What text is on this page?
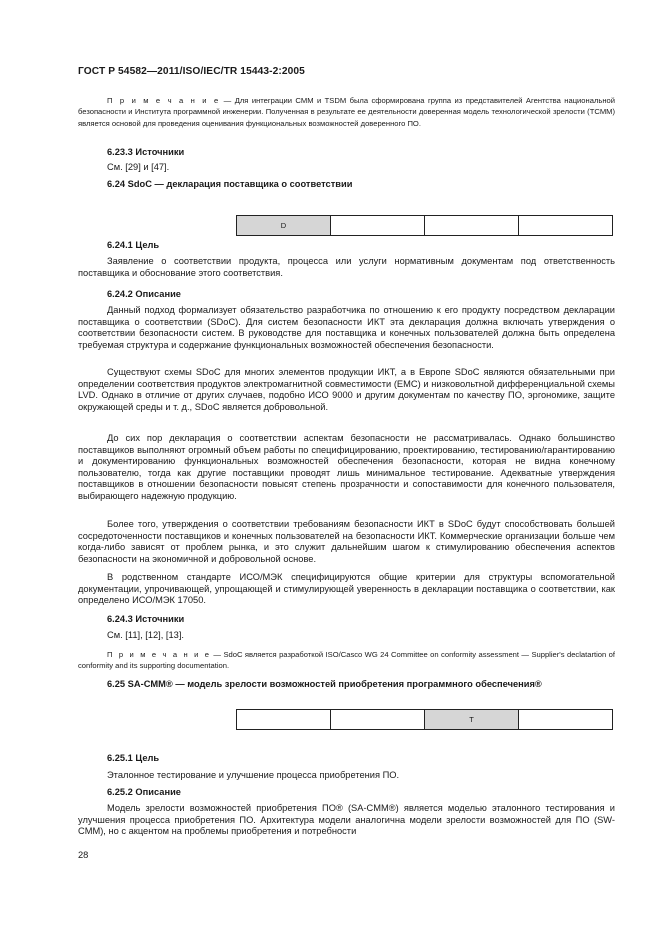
ГОСТ Р 54582—2011/ISO/IEC/TR 15443-2:2005
П р и м е ч а н и е — Для интеграции CMM и TSDM была сформирована группа из представителей Агентства национальной безопасности и Института программной инженерии. Полученная в результате ее деятельности доверенная модель технологической зрелости (TCMM) является основой для проведения оценивания функциональных возможностей доверенного ПО.
6.23.3 Источники
См. [29] и [47].
6.24 SdoC — декларация поставщика о соответствии
D			
6.24.1 Цель
Заявление о соответствии продукта, процесса или услуги нормативным документам под ответственность поставщика и обоснование этого соответствия.
6.24.2 Описание
Данный подход формализует обязательство разработчика по отношению к его продукту посредством декларации поставщика о соответствии (SDoC). Для систем безопасности ИКТ эта декларация должна включать утверждения о соответствии безопасности систем. В руководстве для поставщика и конечных пользователей должна быть определена требуемая структура и содержание функциональных возможностей обеспечения безопасности.
Существуют схемы SDoC для многих элементов продукции ИКТ, а в Европе SDoC являются обязательными при определении соответствия продуктов электромагнитной совместимости (EMC) и низковольтной дифференциальной схемы LVD. Однако в отличие от других случаев, подобно ИСО 9000 и другим документам по качеству ПО, эргономике, защите окружающей среды и т. д., SDoC является добровольной.
До сих пор декларация о соответствии аспектам безопасности не рассматривалась. Однако большинство поставщиков выполняют огромный объем работы по специфицированию, проектированию, тестированию/гарантированию и документированию функциональных возможностей обеспечения безопасности, которая не видна конечному пользователю, тогда как другие поставщики проводят лишь минимальное тестирование. Адекватные утверждения поставщиков в отношении безопасности повысят степень прозрачности и сопоставимости для конечного пользователя, выбирающего надежную продукцию.
Более того, утверждения о соответствии требованиям безопасности ИКТ в SDoC будут способствовать большей сосредоточенности поставщиков и конечных пользователей на безопасности ИКТ. Коммерческие организации больше чем когда-либо зависят от проблем рынка, и это служит дальнейшим шагом к стимулированию обеспечения аспектов безопасности на экономичной и добровольной основе.
В родственном стандарте ИСО/МЭК специфицируются общие критерии для структуры вспомогательной документации, упрочивающей, упрощающей и стимулирующей уверенность в декларации поставщика о соответствии, как определено ИСО/МЭК 17050.
6.24.3 Источники
См. [11], [12], [13].
П р и м е ч а н и е — SdoC является разработкой ISO/Casco WG 24 Committee on conformity assessment — Supplier's declatartion of conformity and its supporting documentation.
6.25 SA-CMM® — модель зрелости возможностей приобретения программного обеспечения®
		T	
6.25.1 Цель
Эталонное тестирование и улучшение процесса приобретения ПО.
6.25.2 Описание
Модель зрелости возможностей приобретения ПО® (SA-CMM®) является моделью эталонного тестирования и улучшения процесса приобретения ПО. Архитектура модели аналогична модели зрелости возможностей для ПО (SW-CMM), но с акцентом на проблемы приобретения и потребности
28
